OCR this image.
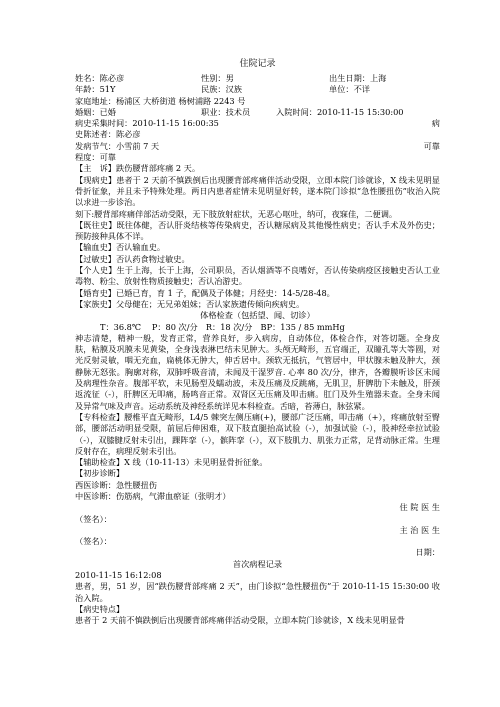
住院记录
姓名：陈必彦	性别：男	出生日期：上海
年龄：51Y	民族：汉族	单位：不详
家庭地址：杨浦区 大桥街道 杨树浦路 2243 号
婚姻：已婚	职业：技术员	入院时间：2010-11-15 15:30:00
病史采集时间：2010-11-15 16:00:35	病
史陈述者：陈必彦
发病节气：小雪前 7 天	可靠
程度：可靠
【主　诉】跌伤腰背部疼痛 2 天。
【现病史】患者于 2 天前不慎跌倒后出现腰背部疼痛伴活动受限，立即本院门诊就诊，X 线未见明显骨折征象，并且未予特殊处理。两日内患者症情未见明显好转，遂本院门诊拟“急性腰扭伤”收治入院以求进一步诊治。
刻下:腰背部疼痛伴部活动受限，无下肢放射症状，无恶心呕吐，纳可，夜寐佳，二便调。
【既往史】既往体健，否认肝炎结核等传染病史，否认糖尿病及其他慢性病史；否认手术及外伤史；预防接种具体不详。
【输血史】否认输血史。
【过敏史】否认药食物过敏史。
【个人史】生于上海，长于上海，公司职员，否认烟酒等不良嗜好，否认传染病疫区接触史否认工业毒物、粉尘、放射性物质接触史；否认冶游史。
【婚育史】已婚已育，育 1 子，配偶及子体健；月经史：14-5/28-48。
【家族史】父母健在；无兄弟姐妹；否认家族遗传倾向疾病史。
体格检查（包括望、闻、切诊）
T：36.8℃　 P：80 次/分　R：18 次/分　BP：135 / 85 mmHg
神志清楚，精神一般，发育正常，营养良好，步入病房，自动体位，体检合作，对答切题。全身皮肤，粘膜及巩膜未见黄染，全身浅表淋巴结未见肿大。头颅无畸形，五官端正，双瞳孔等大等圆，对光反射灵敏，咽无充血，扁桃体无肿大，伸舌居中。颈软无抵抗，气管居中，甲状腺未触及肿大，颈静脉无怒张。胸廓对称，双肺呼吸音清，未闻及干湿罗音. 心率 80 次/分，律齐，各瓣膜听诊区未闻及病理性杂音。腹部平软，未见肠型及蠕动波，未及压痛及反跳痛，无肌卫，肝脾肋下未触及，肝颈返流征（-），肝脾区无叩痛，肠鸣音正常。双肾区无压痛及叩击痛。肛门及外生殖器未查。全身未闻及异常气味及声音。运动系统及神经系统详见本科检查。舌暗，苔薄白，脉弦紧。
【专科检查】腰椎平直无畸形，L4/5 棘突左侧压痛(+)，腰部广泛压痛，叩击痛（+），疼痛放射至臀部，腰部活动明显受限，前屈后伸困难，双下肢直腿抬高试验（-），加强试验（-），股神经牵拉试验（-），双膝腱反射未引出，踝阵挛（-），髌阵挛（-），双下肢肌力、肌张力正常，足背动脉正常。生理反射存在，病理反射未引出。
【辅助检查】X 线（10-11-13）未见明显骨折征象。
【初步诊断】
西医诊断：急性腰扭伤
中医诊断：伤筋病，气滞血瘀证（张明才）
住 院 医 生
（签名）：
主 治 医 生
（签名）：
日期：
首次病程记录
2010-11-15 16:12:08
患者，男，51 岁，因“跌伤腰背部疼痛 2 天”，由门诊拟“急性腰扭伤”于 2010-11-15 15:30:00 收治入院。
【病史特点】
患者于 2 天前不慎跌倒后出现腰背部疼痛伴活动受限，立即本院门诊就诊，X 线未见明显骨
